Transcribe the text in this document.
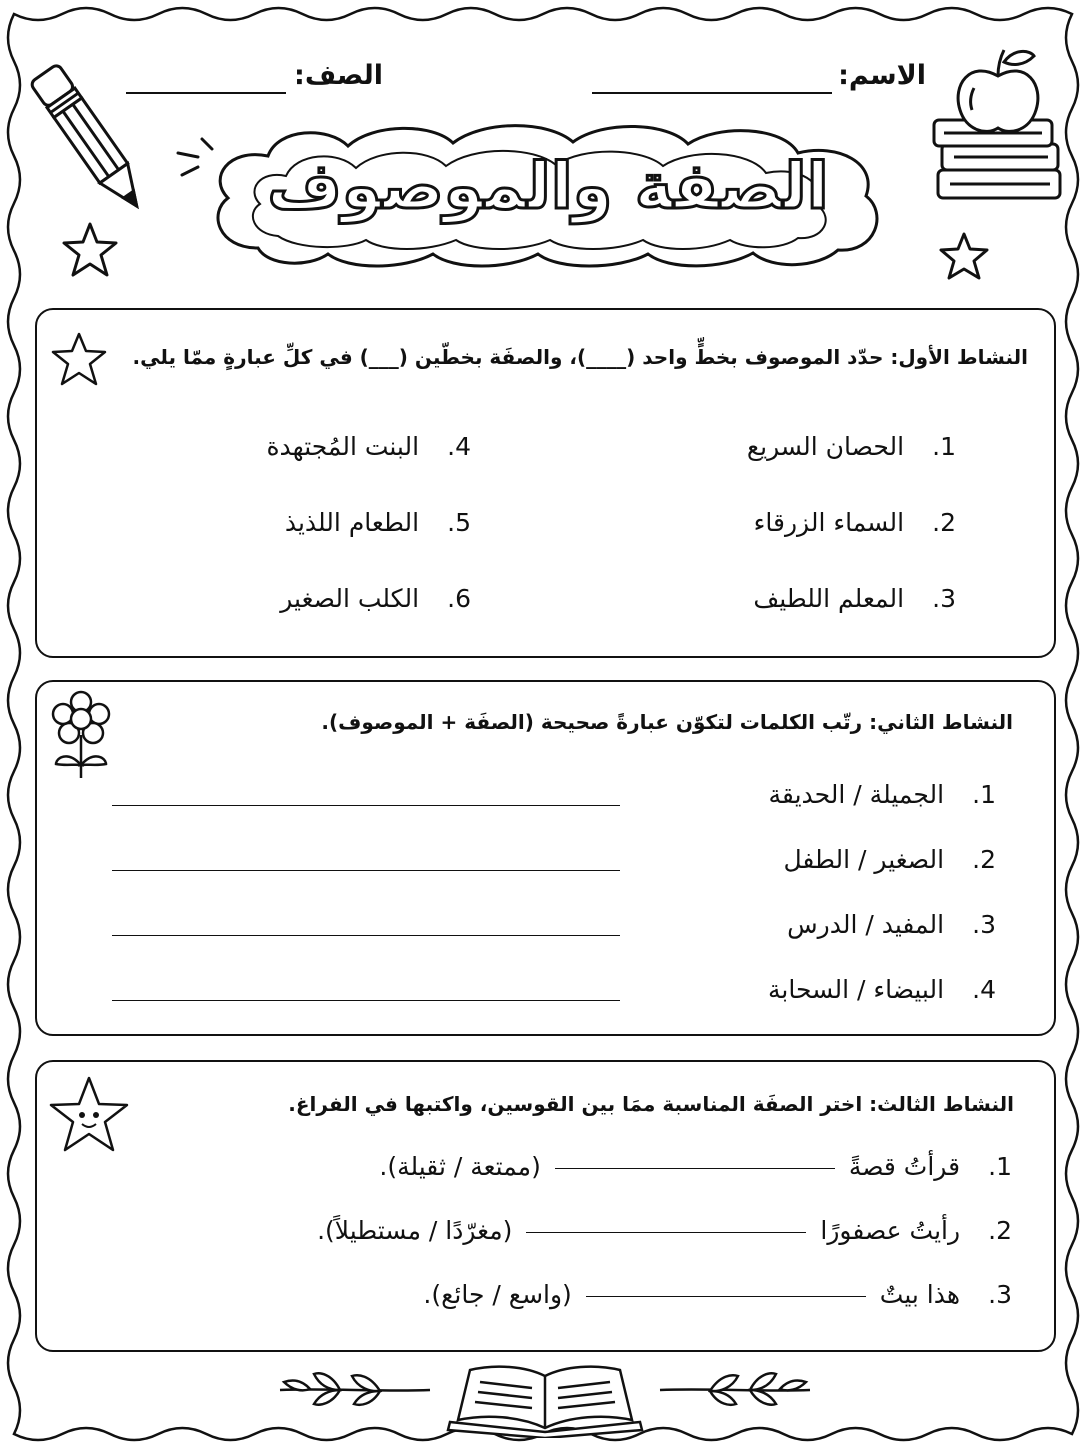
الاسم:
الصف:
الصفة والموصوف
النشاط الأول: حدّد الموصوف بخطٍّ واحد (____)، والصفَة بخطّين (___) في كلِّ عبارةٍ ممّا يلي.
1. الحصان السريع
2. السماء الزرقاء
3. المعلم اللطيف
4. البنت المُجتهدة
5. الطعام اللذيذ
6. الكلب الصغير
النشاط الثاني: رتّب الكلمات لتكوّن عبارةً صحيحة (الصفَة + الموصوف).
1. الجميلة / الحديقة
2. الصغير / الطفل
3. المفيد / الدرس
4. البيضاء / السحابة
النشاط الثالث: اختر الصفَة المناسبة ممَا بين القوسين، واكتبها في الفراغ.
1. قرأتُ قصةً(ممتعة / ثقيلة).
2. رأيتُ عصفورًا(مغرّدًا / مستطيلاً).
3. هذا بيتٌ(واسع / جائع).
